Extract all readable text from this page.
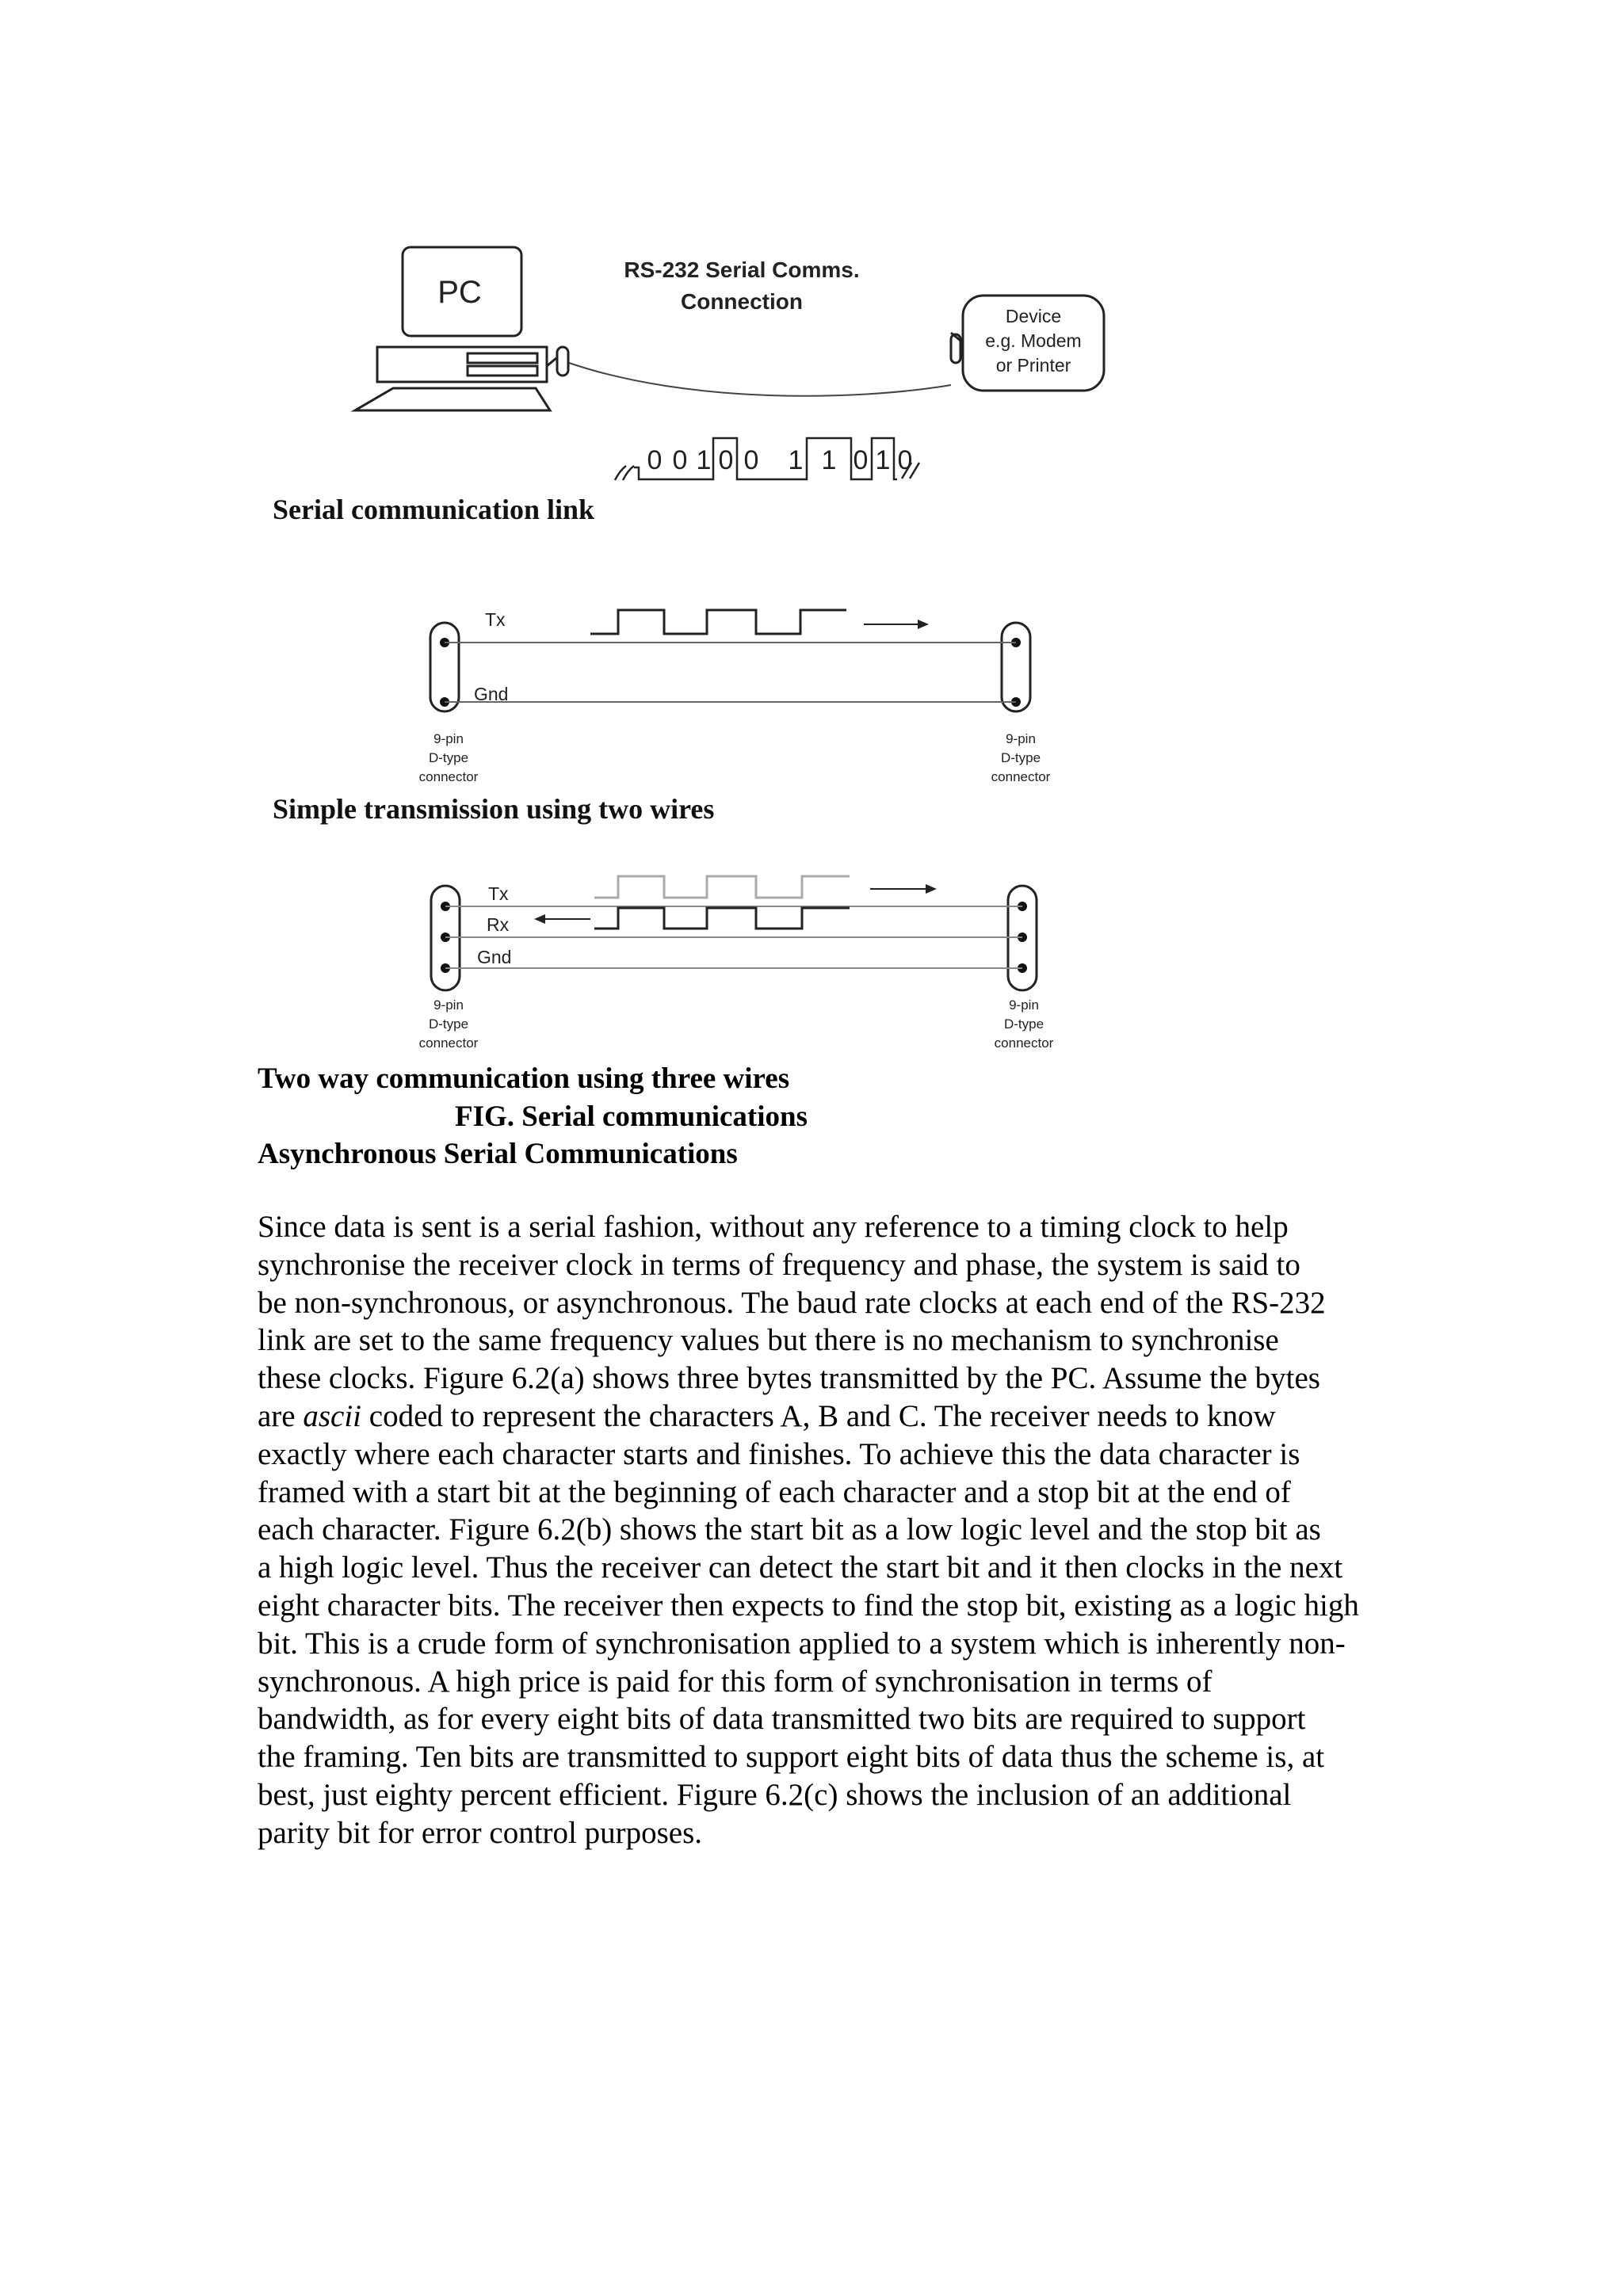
PC
RS-232 Serial Comms.
Connection
Device
e.g. Modem
or Printer
0 0 1 0 0 1 1 0 1 0
Serial communication link
Tx
Gnd
9-pin
D-type
connector
9-pin
D-type
connector
Simple transmission using two wires
Tx
Rx
Gnd
9-pin
D-type
connector
9-pin
D-type
connector
Two way communication using three wires
FIG. Serial communications
Asynchronous Serial Communications
Since data is sent is a serial fashion, without any reference to a timing clock to help
synchronise the receiver clock in terms of frequency and phase, the system is said to
be non-synchronous, or asynchronous. The baud rate clocks at each end of the RS-232
link are set to the same frequency values but there is no mechanism to synchronise
these clocks. Figure 6.2(a) shows three bytes transmitted by the PC. Assume the bytes
are ascii coded to represent the characters A, B and C. The receiver needs to know
exactly where each character starts and finishes. To achieve this the data character is
framed with a start bit at the beginning of each character and a stop bit at the end of
each character. Figure 6.2(b) shows the start bit as a low logic level and the stop bit as
a high logic level. Thus the receiver can detect the start bit and it then clocks in the next
eight character bits. The receiver then expects to find the stop bit, existing as a logic high
bit. This is a crude form of synchronisation applied to a system which is inherently non-
synchronous. A high price is paid for this form of synchronisation in terms of
bandwidth, as for every eight bits of data transmitted two bits are required to support
the framing. Ten bits are transmitted to support eight bits of data thus the scheme is, at
best, just eighty percent efficient. Figure 6.2(c) shows the inclusion of an additional
parity bit for error control purposes.
